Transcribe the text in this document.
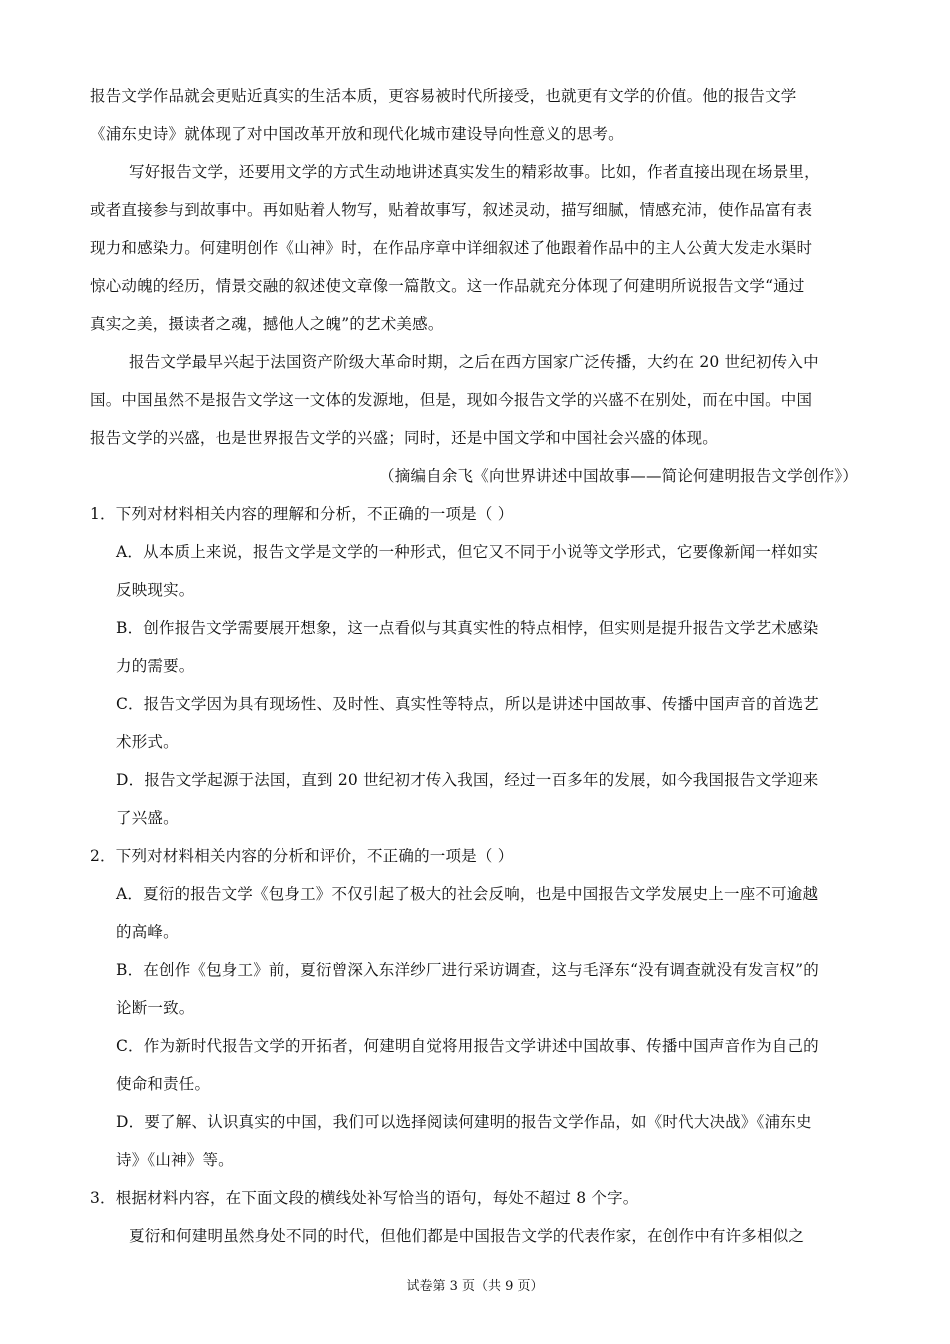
报告文学作品就会更贴近真实的生活本质，更容易被时代所接受，也就更有文学的价值。他的报告文学
《浦东史诗》就体现了对中国改革开放和现代化城市建设导向性意义的思考。
写好报告文学，还要用文学的方式生动地讲述真实发生的精彩故事。比如，作者直接出现在场景里，
或者直接参与到故事中。再如贴着人物写，贴着故事写，叙述灵动，描写细腻，情感充沛，使作品富有表
现力和感染力。何建明创作《山神》时，在作品序章中详细叙述了他跟着作品中的主人公黄大发走水渠时
惊心动魄的经历，情景交融的叙述使文章像一篇散文。这一作品就充分体现了何建明所说报告文学“通过
真实之美，摄读者之魂，撼他人之魄”的艺术美感。
报告文学最早兴起于法国资产阶级大革命时期，之后在西方国家广泛传播，大约在 20 世纪初传入中
国。中国虽然不是报告文学这一文体的发源地，但是，现如今报告文学的兴盛不在别处，而在中国。中国
报告文学的兴盛，也是世界报告文学的兴盛；同时，还是中国文学和中国社会兴盛的体现。
（摘编自余飞《向世界讲述中国故事——简论何建明报告文学创作》）
1．下列对材料相关内容的理解和分析，不正确的一项是（ ）
A．从本质上来说，报告文学是文学的一种形式，但它又不同于小说等文学形式，它要像新闻一样如实
反映现实。
B．创作报告文学需要展开想象，这一点看似与其真实性的特点相悖，但实则是提升报告文学艺术感染
力的需要。
C．报告文学因为具有现场性、及时性、真实性等特点，所以是讲述中国故事、传播中国声音的首选艺
术形式。
D．报告文学起源于法国，直到 20 世纪初才传入我国，经过一百多年的发展，如今我国报告文学迎来
了兴盛。
2．下列对材料相关内容的分析和评价，不正确的一项是（ ）
A．夏衍的报告文学《包身工》不仅引起了极大的社会反响，也是中国报告文学发展史上一座不可逾越
的高峰。
B．在创作《包身工》前，夏衍曾深入东洋纱厂进行采访调查，这与毛泽东“没有调查就没有发言权”的
论断一致。
C．作为新时代报告文学的开拓者，何建明自觉将用报告文学讲述中国故事、传播中国声音作为自己的
使命和责任。
D．要了解、认识真实的中国，我们可以选择阅读何建明的报告文学作品，如《时代大决战》《浦东史
诗》《山神》等。
3．根据材料内容，在下面文段的横线处补写恰当的语句，每处不超过 8 个字。
夏衍和何建明虽然身处不同的时代，但他们都是中国报告文学的代表作家，在创作中有许多相似之
试卷第 3 页（共 9 页）
